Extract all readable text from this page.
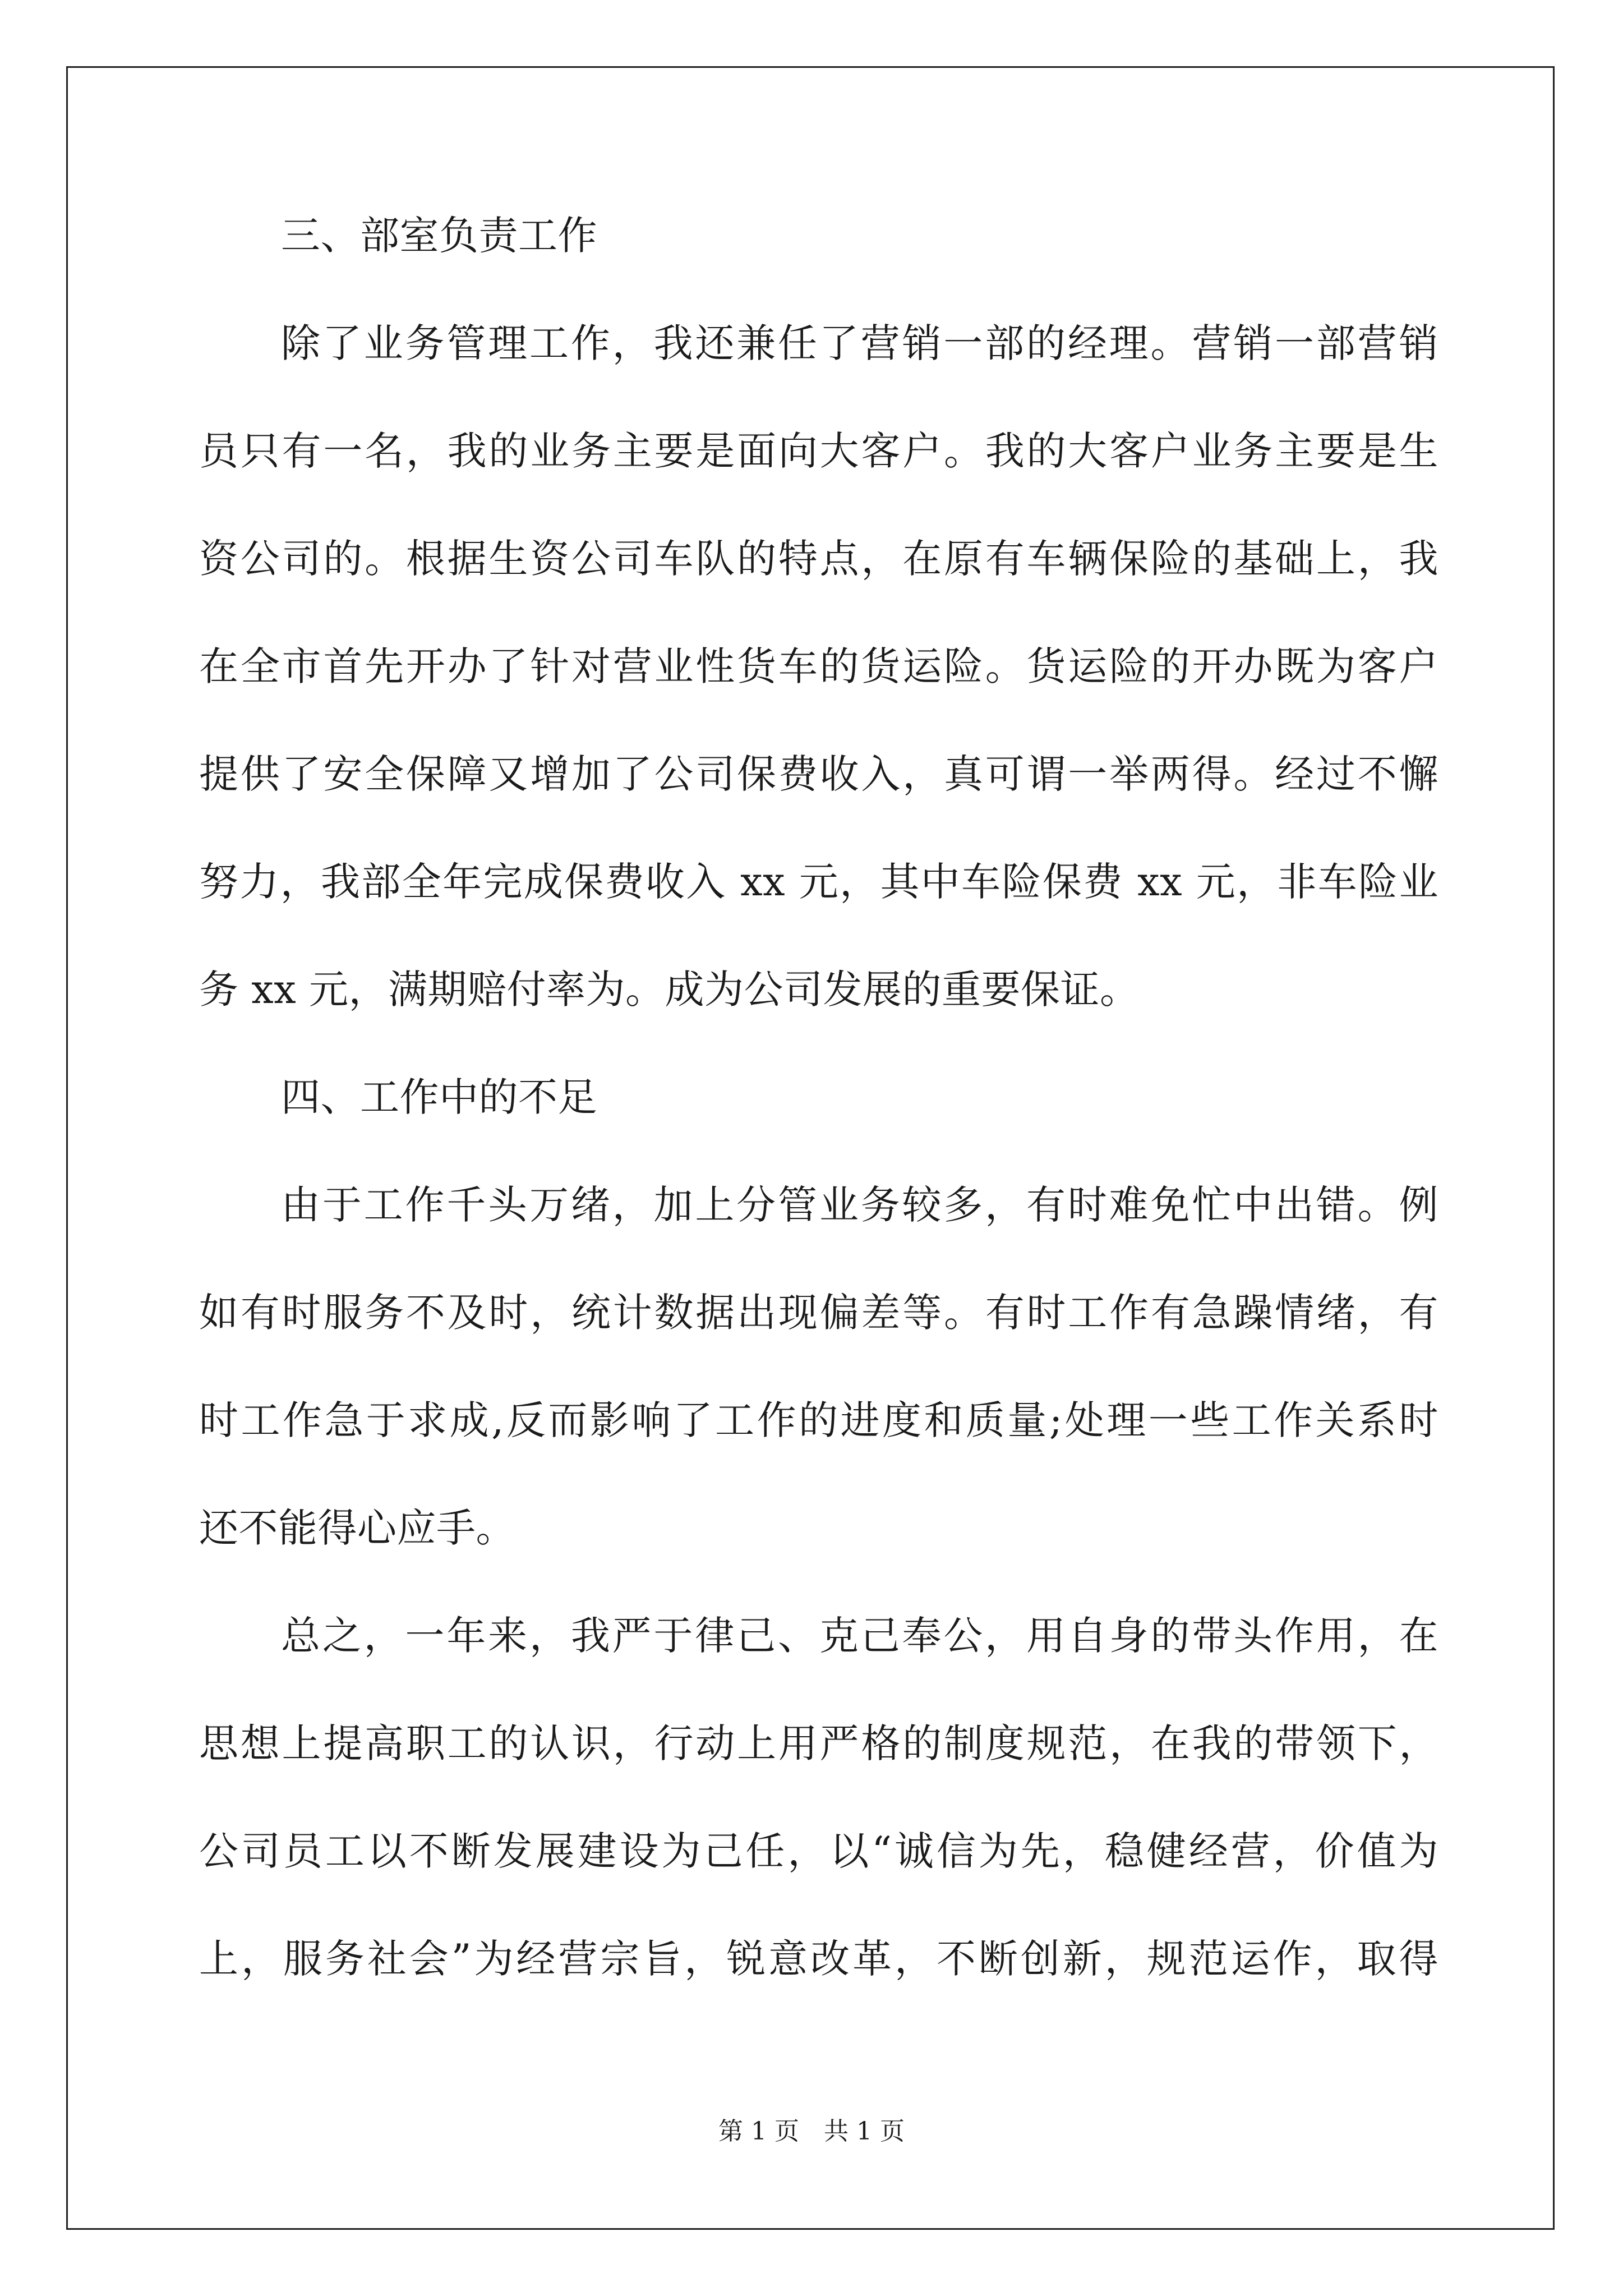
三、部室负责工作
除了业务管理工作，我还兼任了营销一部的经理。营销一部营销
员只有一名，我的业务主要是面向大客户。我的大客户业务主要是生
资公司的。根据生资公司车队的特点，在原有车辆保险的基础上，我
在全市首先开办了针对营业性货车的货运险。货运险的开办既为客户
提供了安全保障又增加了公司保费收入，真可谓一举两得。经过不懈
努力，我部全年完成保费收入 xx 元，其中车险保费 xx 元，非车险业
务 xx 元，满期赔付率为。成为公司发展的重要保证。
四、工作中的不足
由于工作千头万绪，加上分管业务较多，有时难免忙中出错。例
如有时服务不及时，统计数据出现偏差等。有时工作有急躁情绪，有
时工作急于求成,反而影响了工作的进度和质量;处理一些工作关系时
还不能得心应手。
总之，一年来，我严于律己、克己奉公，用自身的带头作用，在
思想上提高职工的认识，行动上用严格的制度规范，在我的带领下，
公司员工以不断发展建设为己任，以“诚信为先，稳健经营，价值为
上，服务社会”为经营宗旨，锐意改革，不断创新，规范运作，取得
第 1 页 共 1 页
